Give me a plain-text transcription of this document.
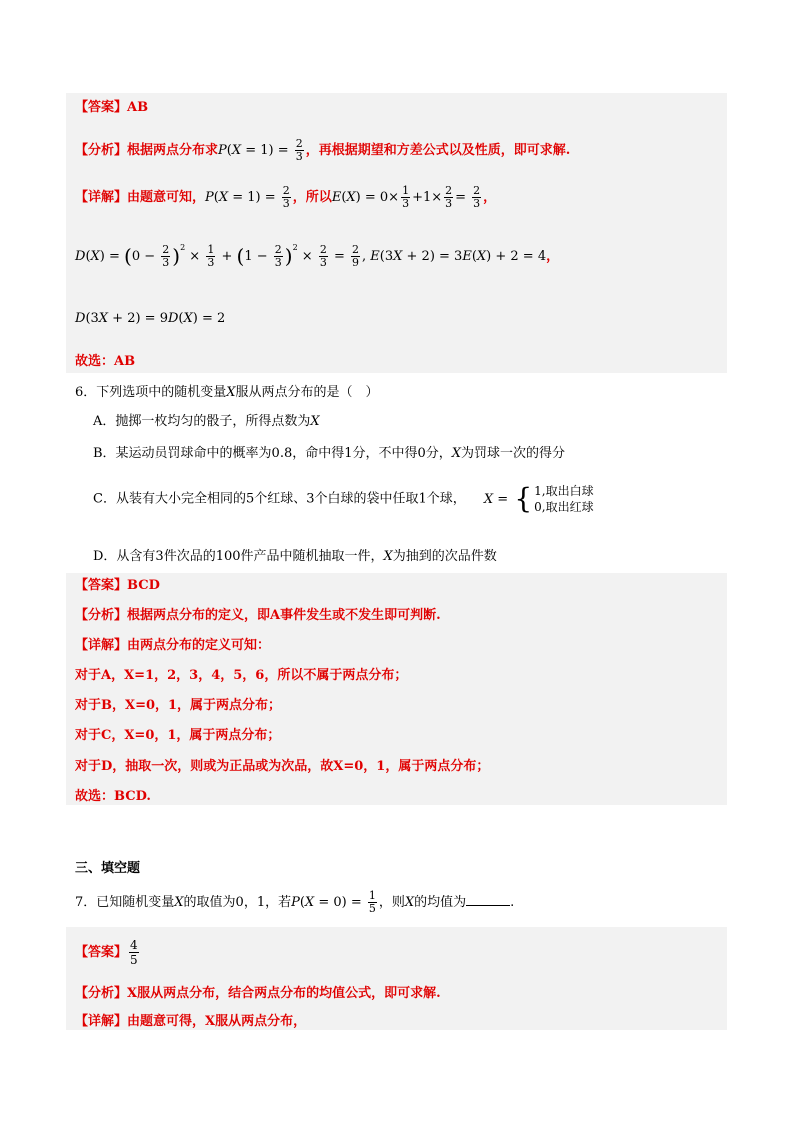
【答案】AB
【分析】根据两点分布求$P(X = 1) = \frac{2}{3}$ ，再根据期望和方差公式以及性质，即可求解.
【详解】由题意可知，$P(X = 1) = \frac{2}{3}$ ，所以$E(X) = 0\times \frac{1}{3} +1\times \frac{2}{3} = \frac{2}{3}$ ，
$D(X) = (0 - \frac{2}{3} )^2 \times \frac{1}{3} + (1 - \frac{2}{3} )^2 \times \frac{2}{3} = \frac{2}{9}$ , E(3X + 2) = 3E(X) + 2 = 4，
D(3X + 2) = 9D(X) = 2
故选：AB
6．下列选项中的随机变量X服从两点分布的是（　）
A．抛掷一枚均匀的骰子，所得点数为X
B．某运动员罚球命中的概率为0.8，命中得1分，不中得0分，X为罚球一次的得分
C．从装有大小完全相同的5个红球、3个白球的袋中任取1个球， X = { 1,取出白球
0,取出红球
D．从含有3件次品的100件产品中随机抽取一件，X为抽到的次品件数
【答案】BCD
【分析】根据两点分布的定义，即A事件发生或不发生即可判断.
【详解】由两点分布的定义可知：
对于A，X=1，2，3，4，5，6，所以不属于两点分布；
对于B，X=0，1，属于两点分布；
对于C，X=0，1，属于两点分布；
对于D，抽取一次，则或为正品或为次品，故X=0，1，属于两点分布；
故选：BCD.
三、填空题
7．已知随机变量X的取值为0，1，若$P(X = 0) = \frac{1}{5}$ ，则X的均值为	.
【答案】 $\frac{4}{5}$
【分析】X服从两点分布，结合两点分布的均值公式，即可求解.
【详解】由题意可得，X服从两点分布，
